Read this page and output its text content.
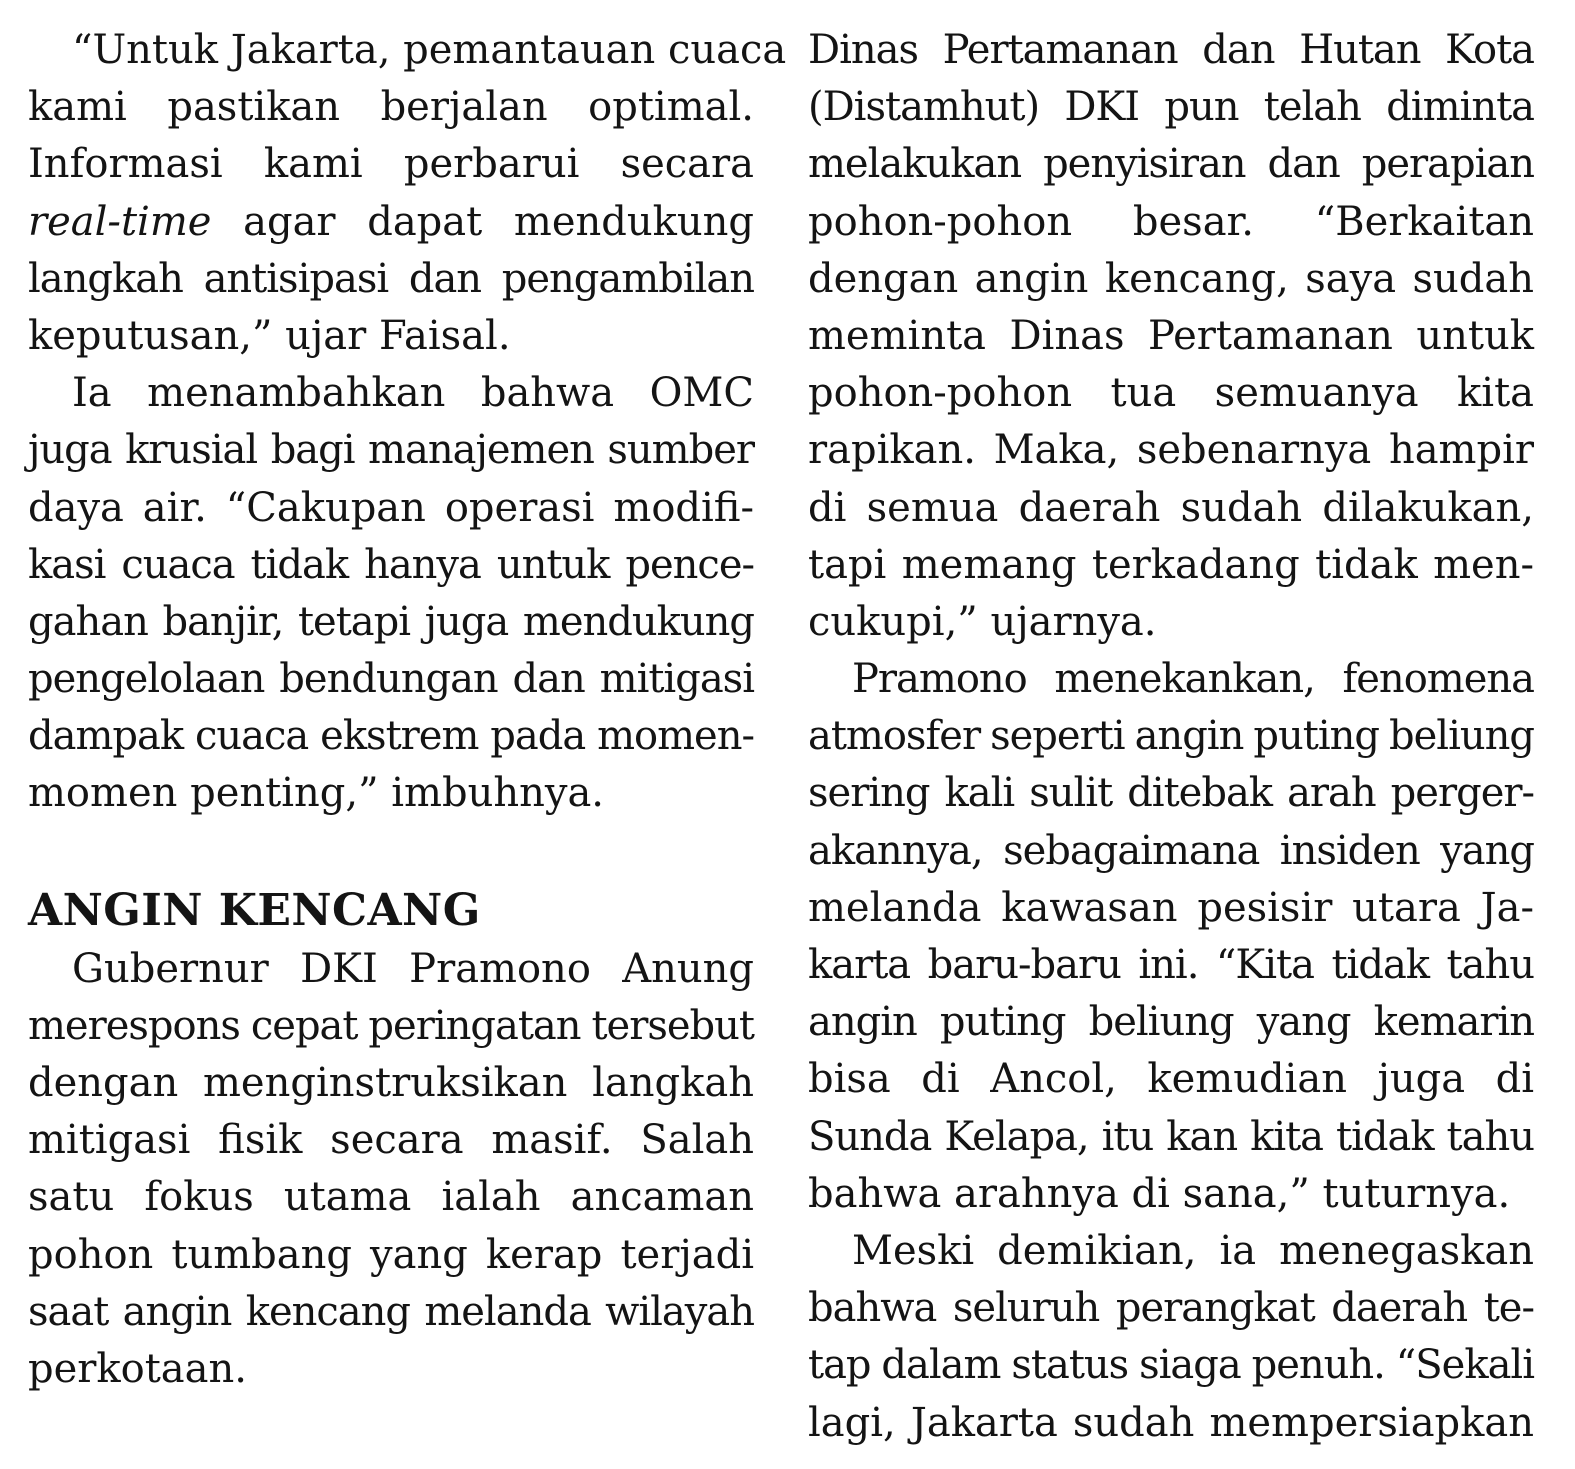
“Untuk Jakarta, pemantauan cuaca
kami pastikan berjalan optimal.
Informasi kami perbarui secara
real-time agar dapat mendukung
langkah antisipasi dan pengambilan
keputusan,” ujar Faisal.
Ia menambahkan bahwa OMC
juga krusial bagi manajemen sumber
daya air. “Cakupan operasi modifi-
kasi cuaca tidak hanya untuk pence-
gahan banjir, tetapi juga mendukung
pengelolaan bendungan dan mitigasi
dampak cuaca ekstrem pada momen-
momen penting,” imbuhnya.
ANGIN KENCANG
Gubernur DKI Pramono Anung
merespons cepat peringatan tersebut
dengan menginstruksikan langkah
mitigasi fisik secara masif. Salah
satu fokus utama ialah ancaman
pohon tumbang yang kerap terjadi
saat angin kencang melanda wilayah
perkotaan.
Dinas Pertamanan dan Hutan Kota
(Distamhut) DKI pun telah diminta
melakukan penyisiran dan perapian
pohon-pohon besar. “Berkaitan
dengan angin kencang, saya sudah
meminta Dinas Pertamanan untuk
pohon-pohon tua semuanya kita
rapikan. Maka, sebenarnya hampir
di semua daerah sudah dilakukan,
tapi memang terkadang tidak men-
cukupi,” ujarnya.
Pramono menekankan, fenomena
atmosfer seperti angin puting beliung
sering kali sulit ditebak arah perger-
akannya, sebagaimana insiden yang
melanda kawasan pesisir utara Ja-
karta baru-baru ini. “Kita tidak tahu
angin puting beliung yang kemarin
bisa di Ancol, kemudian juga di
Sunda Kelapa, itu kan kita tidak tahu
bahwa arahnya di sana,” tuturnya.
Meski demikian, ia menegaskan
bahwa seluruh perangkat daerah te-
tap dalam status siaga penuh. “Sekali
lagi, Jakarta sudah mempersiapkan
